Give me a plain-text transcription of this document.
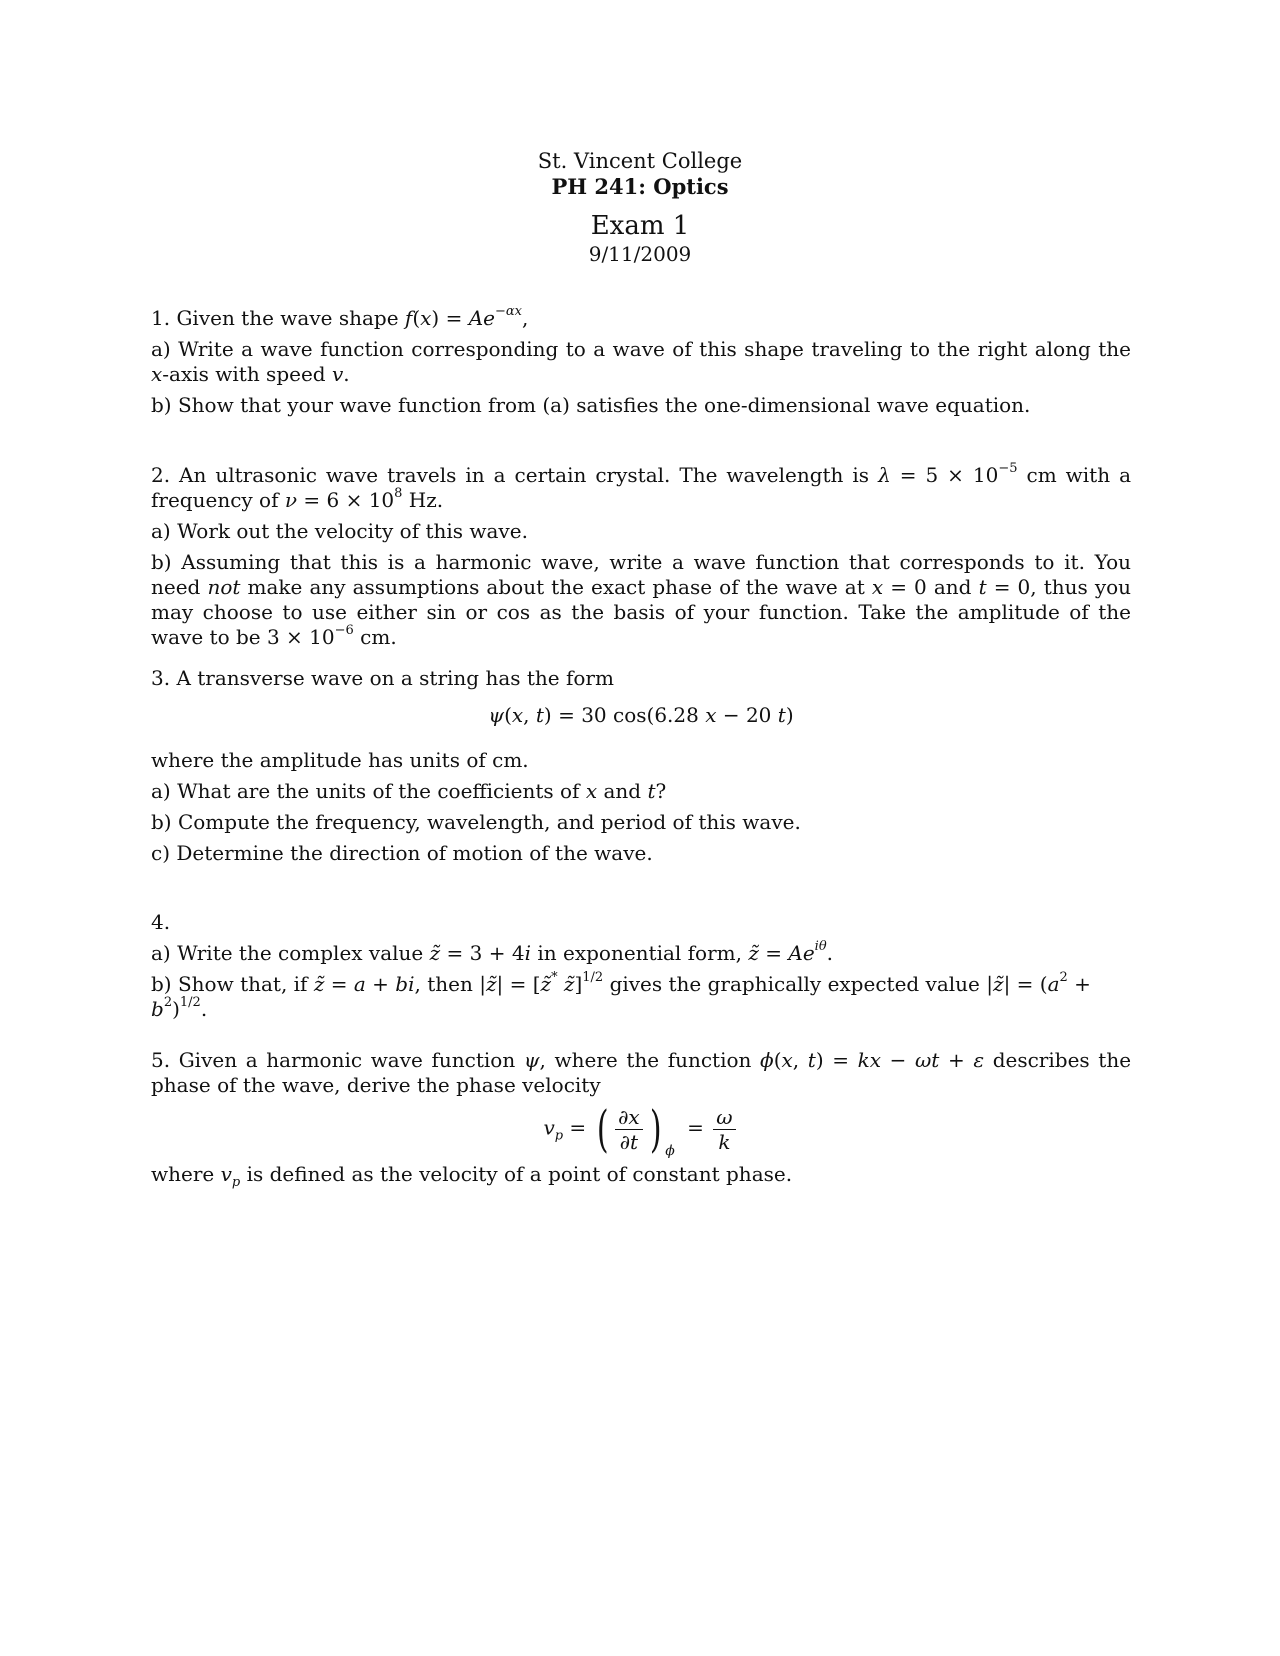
St. Vincent College
PH 241: Optics
Exam 1
9/11/2009

1. Given the wave shape $f(x) = Ae^{-\alpha x}$,

a) Write a wave function corresponding to a wave of this shape traveling to the right along the x-axis with speed v.

b) Show that your wave function from (a) satisfies the one-dimensional wave equation.

2. An ultrasonic wave travels in a certain crystal. The wavelength is $\lambda = 5 \times 10^{-5}$ cm with a frequency of $\nu = 6 \times 10^8$ Hz.

a) Work out the velocity of this wave.

b) Assuming that this is a harmonic wave, write a wave function that corresponds to it. You need not make any assumptions about the exact phase of the wave at x = 0 and t = 0, thus you may choose to use either sin or cos as the basis of your function. Take the amplitude of the wave to be $3 \times 10^{-6}$ cm.

3. A transverse wave on a string has the form

ψ(x, t) = 30 cos(6.28 x − 20 t)

where the amplitude has units of cm.

a) What are the units of the coefficients of x and t?

b) Compute the frequency, wavelength, and period of this wave.

c) Determine the direction of motion of the wave.

4.

a) Write the complex value z̃ = 3 + 4i in exponential form, z̃ = $Ae^{i\theta}$.

b) Show that, if z̃ = a + bi, then |z̃| = [z̃* z̃]$^{1/2}$ gives the graphically expected value |z̃| = $(a^2 + b^2)^{1/2}$.

5. Given a harmonic wave function ψ, where the function ϕ(x, t) = kx − ωt + ε describes the phase of the wave, derive the phase velocity

$v_p$ = ( $\frac{\partial x}{\partial t}$ ) $_\phi = \frac{\omega}{k}$

where $v_p$ is defined as the velocity of a point of constant phase.
